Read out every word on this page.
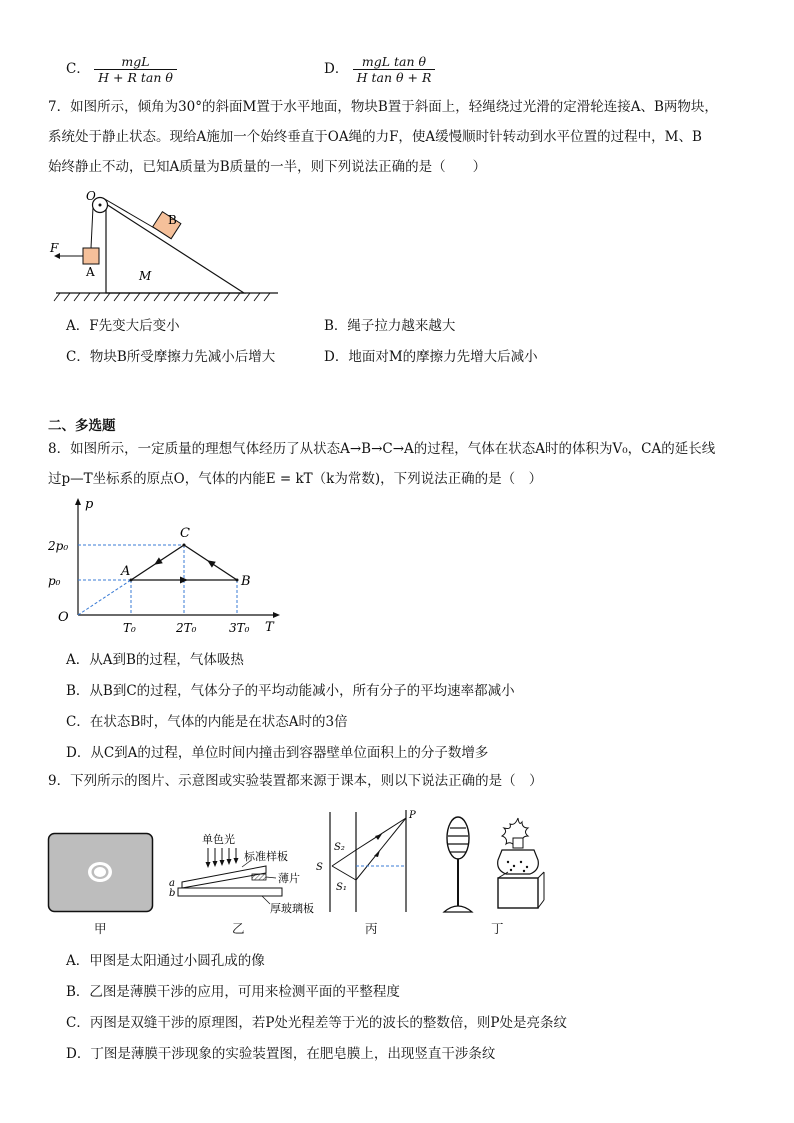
C． $\frac{\text{mgL}}{\text{H + R tan θ}}$	D． $\frac{\text{mgL tan θ}}{\text{H tan θ + R}}$
7．如图所示，倾角为30°的斜面M置于水平地面，物块B置于斜面上，轻绳绕过光滑的定滑轮连接A、B两物块，
系统处于静止状态。现给A施加一个始终垂直于OA绳的力F，使A缓慢顺时针转动到水平位置的过程中，M、B
始终静止不动，已知A质量为B质量的一半，则下列说法正确的是（　　）
O
B
F
A	M
A．F先变大后变小	B．绳子拉力越来越大
C．物块B所受摩擦力先减小后增大	D．地面对M的摩擦力先增大后减小
二、多选题
8．如图所示，一定质量的理想气体经历了从状态A→B→C→A的过程，气体在状态A时的体积为V₀，CA的延长线
过p—T坐标系的原点O，气体的内能E = kT（k为常数)，下列说法正确的是（　）
p
T
O
A
B
C
T₀	2T₀	3T₀
p₀
2p₀
A．从A到B的过程，气体吸热
B．从B到C的过程，气体分子的平均动能减小，所有分子的平均速率都减小
C．在状态B时，气体的内能是在状态A时的3倍
D．从C到A的过程，单位时间内撞击到容器壁单位面积上的分子数增多
9．下列所示的图片、示意图或实验装置都来源于课本，则以下说法正确的是（　）
甲
单色光
标准样板
薄片
厚玻璃板
a
b
乙
S₂
S
S₁
P
丙	丁
A．甲图是太阳通过小圆孔成的像
B．乙图是薄膜干涉的应用，可用来检测平面的平整程度
C．丙图是双缝干涉的原理图，若P处光程差等于光的波长的整数倍，则P处是亮条纹
D．丁图是薄膜干涉现象的实验装置图，在肥皂膜上，出现竖直干涉条纹
